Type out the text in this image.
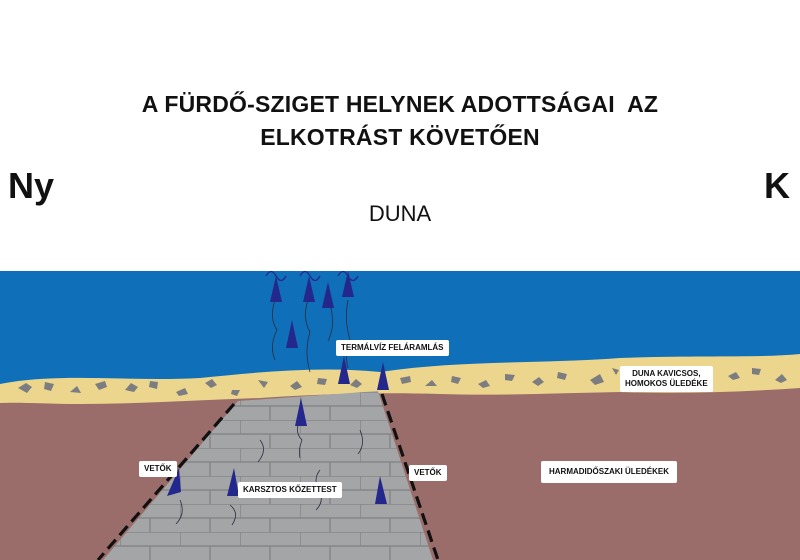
A FÜRDŐ-SZIGET HELYNEK ADOTTSÁGAI  AZ
ELKOTRÁST KÖVETŐEN
Ny	K
DUNA
TERMÁLVÍZ FELÁRAMLÁS
DUNA KAVICSOS,
HOMOKOS ÜLEDÉKE
VETŐK	VETŐK
KARSZTOS KŐZETTEST
HARMADIDŐSZAKI ÜLEDÉKEK
